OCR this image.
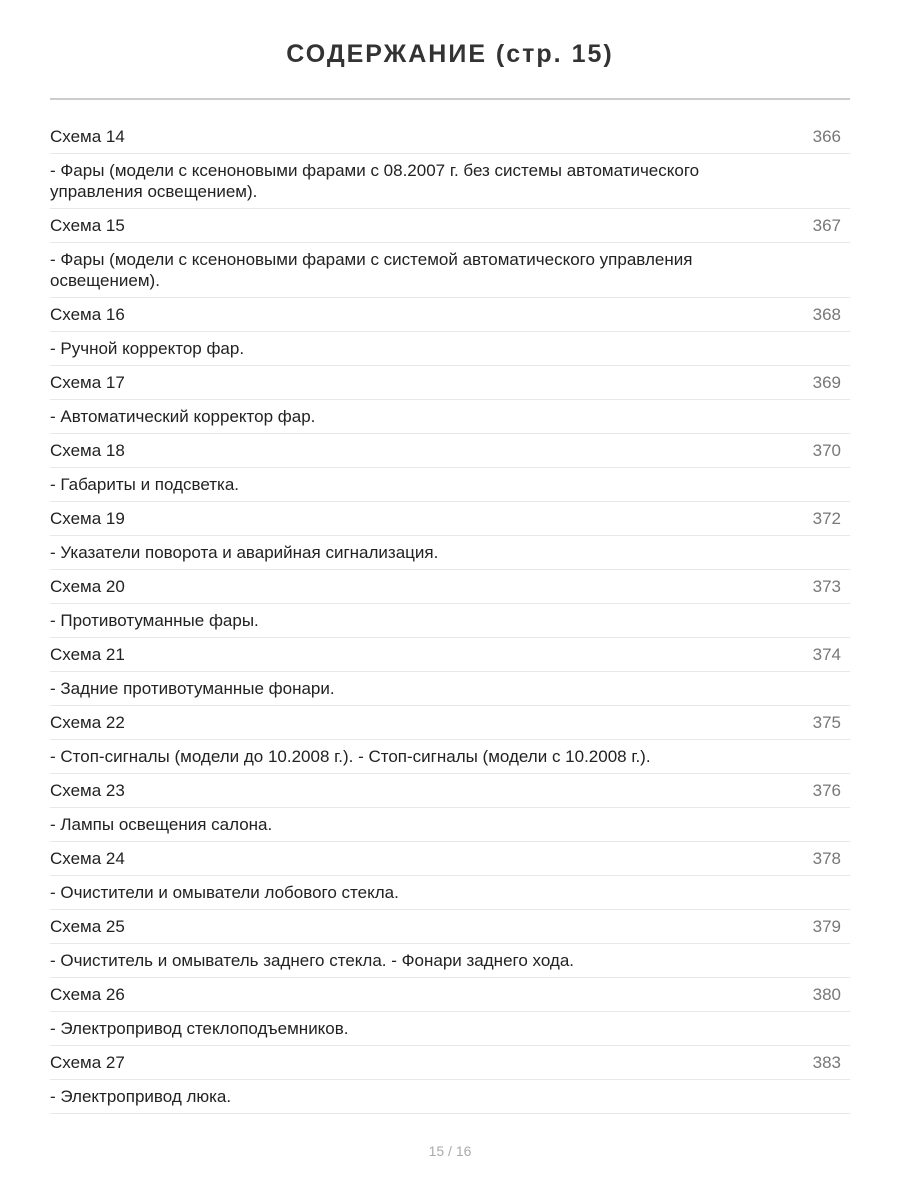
СОДЕРЖАНИЕ (стр. 15)
Схема 14	366
- Фары (модели с ксеноновыми фарами с 08.2007 г. без системы автоматического управления освещением).
Схема 15	367
- Фары (модели с ксеноновыми фарами с системой автоматического управления освещением).
Схема 16	368
- Ручной корректор фар.
Схема 17	369
- Автоматический корректор фар.
Схема 18	370
- Габариты и подсветка.
Схема 19	372
- Указатели поворота и аварийная сигнализация.
Схема 20	373
- Противотуманные фары.
Схема 21	374
- Задние противотуманные фонари.
Схема 22	375
- Стоп-сигналы (модели до 10.2008 г.). - Стоп-сигналы (модели с 10.2008 г.).
Схема 23	376
- Лампы освещения салона.
Схема 24	378
- Очистители и омыватели лобового стекла.
Схема 25	379
- Очиститель и омыватель заднего стекла. - Фонари заднего хода.
Схема 26	380
- Электропривод стеклоподъемников.
Схема 27	383
- Электропривод люка.
15 / 16
